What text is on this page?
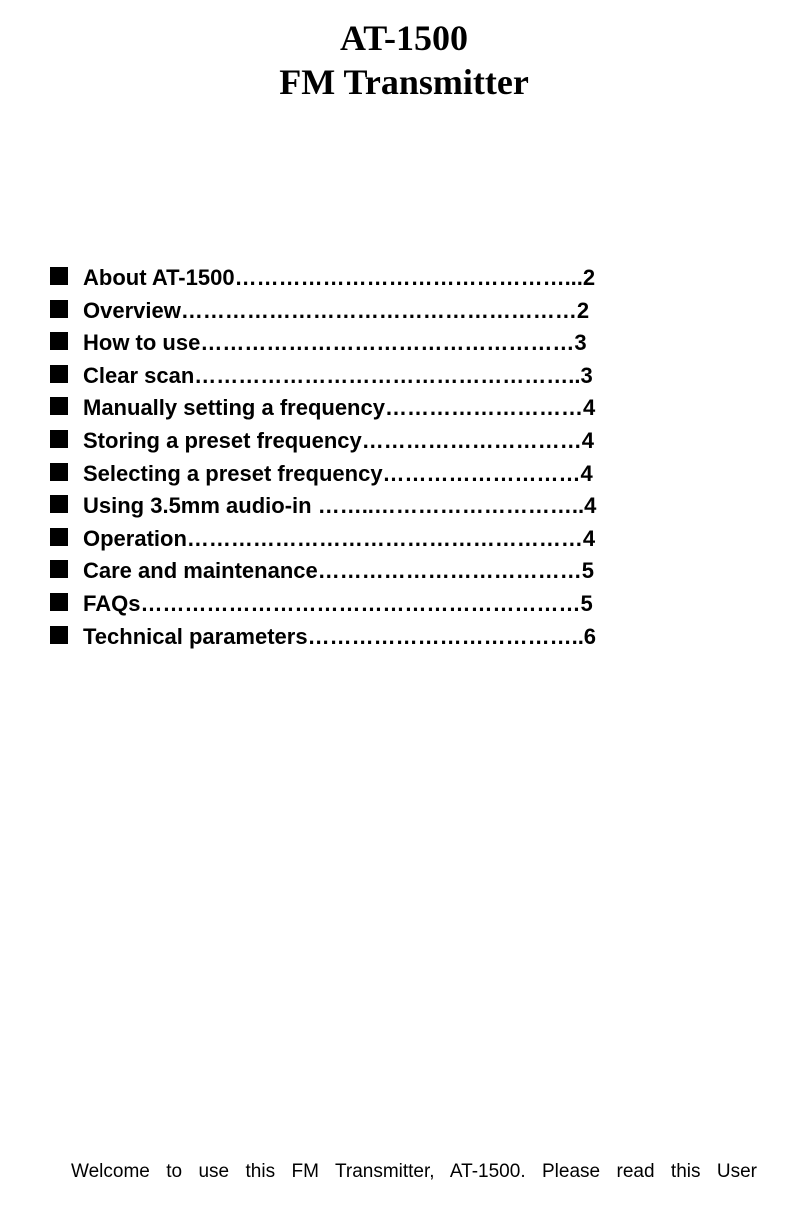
AT-1500
FM Transmitter
About AT-1500………………………………………...2
Overview………………………………………………2
How to use……………………………………………3
Clear scan……………………………………………..3
Manually setting a frequency………………………4
Storing a preset frequency…………………………4
Selecting a preset frequency………………………4
Using 3.5mm audio-in ……..………………………..4
Operation………………………………………………4
Care and maintenance………………………………5
FAQs……………………………………………………5
Technical parameters………………………………..6

Welcome to use this FM Transmitter, AT-1500. Please read this User
